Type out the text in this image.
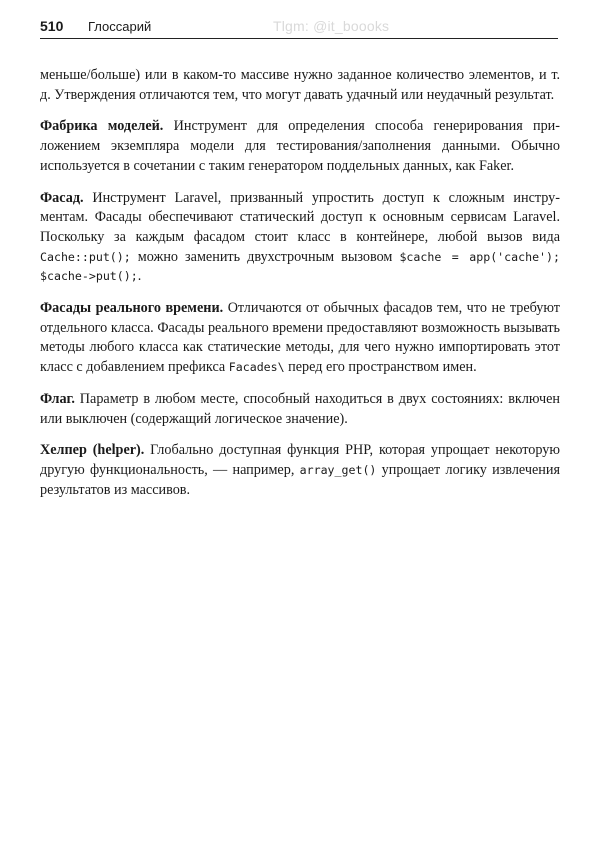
510 Глоссарий	Tlgm: @it_boooks

меньше/больше) или в каком-то массиве нужно заданное количество элементов, и т. д. Утверждения отличаются тем, что могут давать удачный или неудачный результат.

Фабрика моделей. Инструмент для определения способа генерирования приложением экземпляра модели для тестирования/заполнения данными. Обычно используется в сочетании с таким генератором поддельных данных, как Faker.

Фасад. Инструмент Laravel, призванный упростить доступ к сложным инструментам. Фасады обеспечивают статический доступ к основным сервисам Laravel. Поскольку за каждым фасадом стоит класс в контейнере, любой вызов вида Cache::put(); можно заменить двухстрочным вызовом $cache = app('cache'); $cache->put();.

Фасады реального времени. Отличаются от обычных фасадов тем, что не требуют отдельного класса. Фасады реального времени предоставляют возможность вызывать методы любого класса как статические методы, для чего нужно импортировать этот класс с добавлением префикса Facades\ перед его пространством имен.

Флаг. Параметр в любом месте, способный находиться в двух состояниях: включен или выключен (содержащий логическое значение).

Хелпер (helper). Глобально доступная функция PHP, которая упрощает некоторую другую функциональность, — например, array_get() упрощает логику извлечения результатов из массивов.
